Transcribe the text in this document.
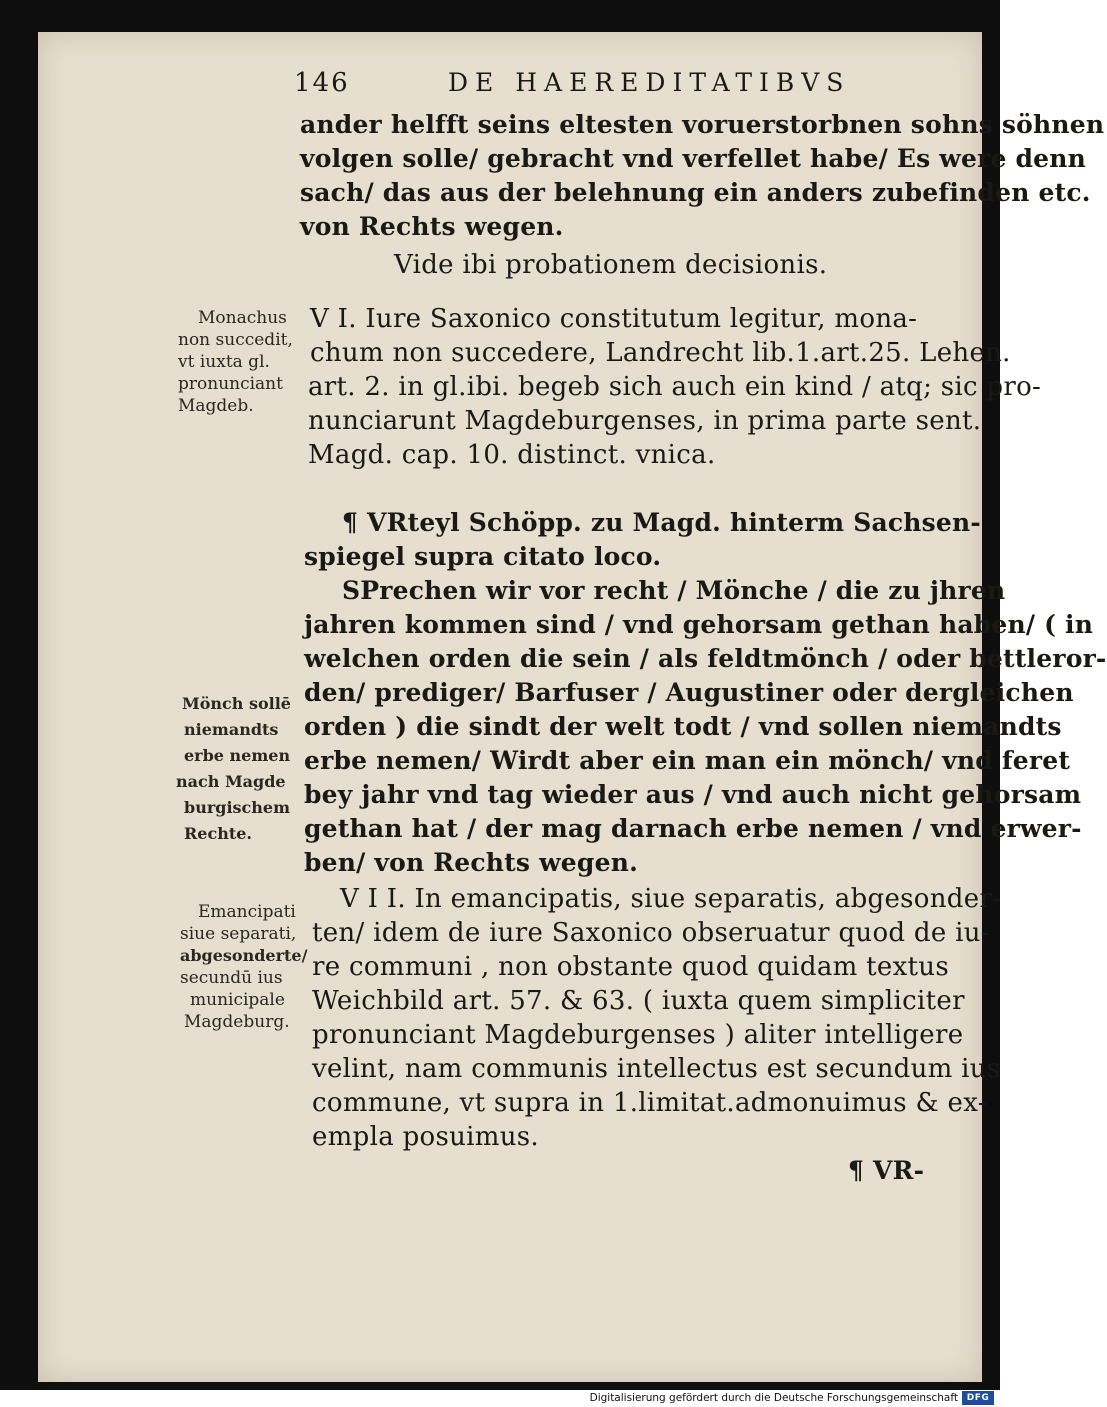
146	DE HAEREDITATIBVS
ander helfft seins eltesten voruerstorbnen sohns söhnen
volgen solle/ gebracht vnd verfellet habe/ Es were denn
sach/ das aus der belehnung ein anders zubefinden etc.
von Rechts wegen.
Vide ibi probationem decisionis.
V I. Iure Saxonico constitutum legitur, mona-
chum non succedere, Landrecht lib.1.art.25. Lehen.
art. 2. in gl.ibi. begeb sich auch ein kind / atq; sic pro-
nunciarunt Magdeburgenses, in prima parte sent.
Magd. cap. 10. distinct. vnica.
¶ VRteyl Schöpp. zu Magd. hinterm Sachsen-
spiegel supra citato loco.
SPrechen wir vor recht / Mönche / die zu jhren
jahren kommen sind / vnd gehorsam gethan haben/ ( in
welchen orden die sein / als feldtmönch / oder bettleror-
den/ prediger/ Barfuser / Augustiner oder dergleichen
orden ) die sindt der welt todt / vnd sollen niemandts
erbe nemen/ Wirdt aber ein man ein mönch/ vnd feret
bey jahr vnd tag wieder aus / vnd auch nicht gehorsam
gethan hat / der mag darnach erbe nemen / vnd erwer-
ben/ von Rechts wegen.
V I I. In emancipatis, siue separatis, abgesonder-
ten/ idem de iure Saxonico obseruatur quod de iu-
re communi , non obstante quod quidam textus
Weichbild art. 57. & 63. ( iuxta quem simpliciter
pronunciant Magdeburgenses ) aliter intelligere
velint, nam communis intellectus est secundum ius
commune, vt supra in 1.limitat.admonuimus & ex-
empla posuimus.
¶ VR-
Monachus
non succedit,
vt iuxta gl.
pronunciant
Magdeb.
Mönch sollē
niemandts
erbe nemen
nach Magde
burgischem
Rechte.
Emancipati
siue separati,
abgesonderte/
secundū ius
municipale
Magdeburg.
Digitalisierung gefördert durch die Deutsche Forschungsgemeinschaft DFG
